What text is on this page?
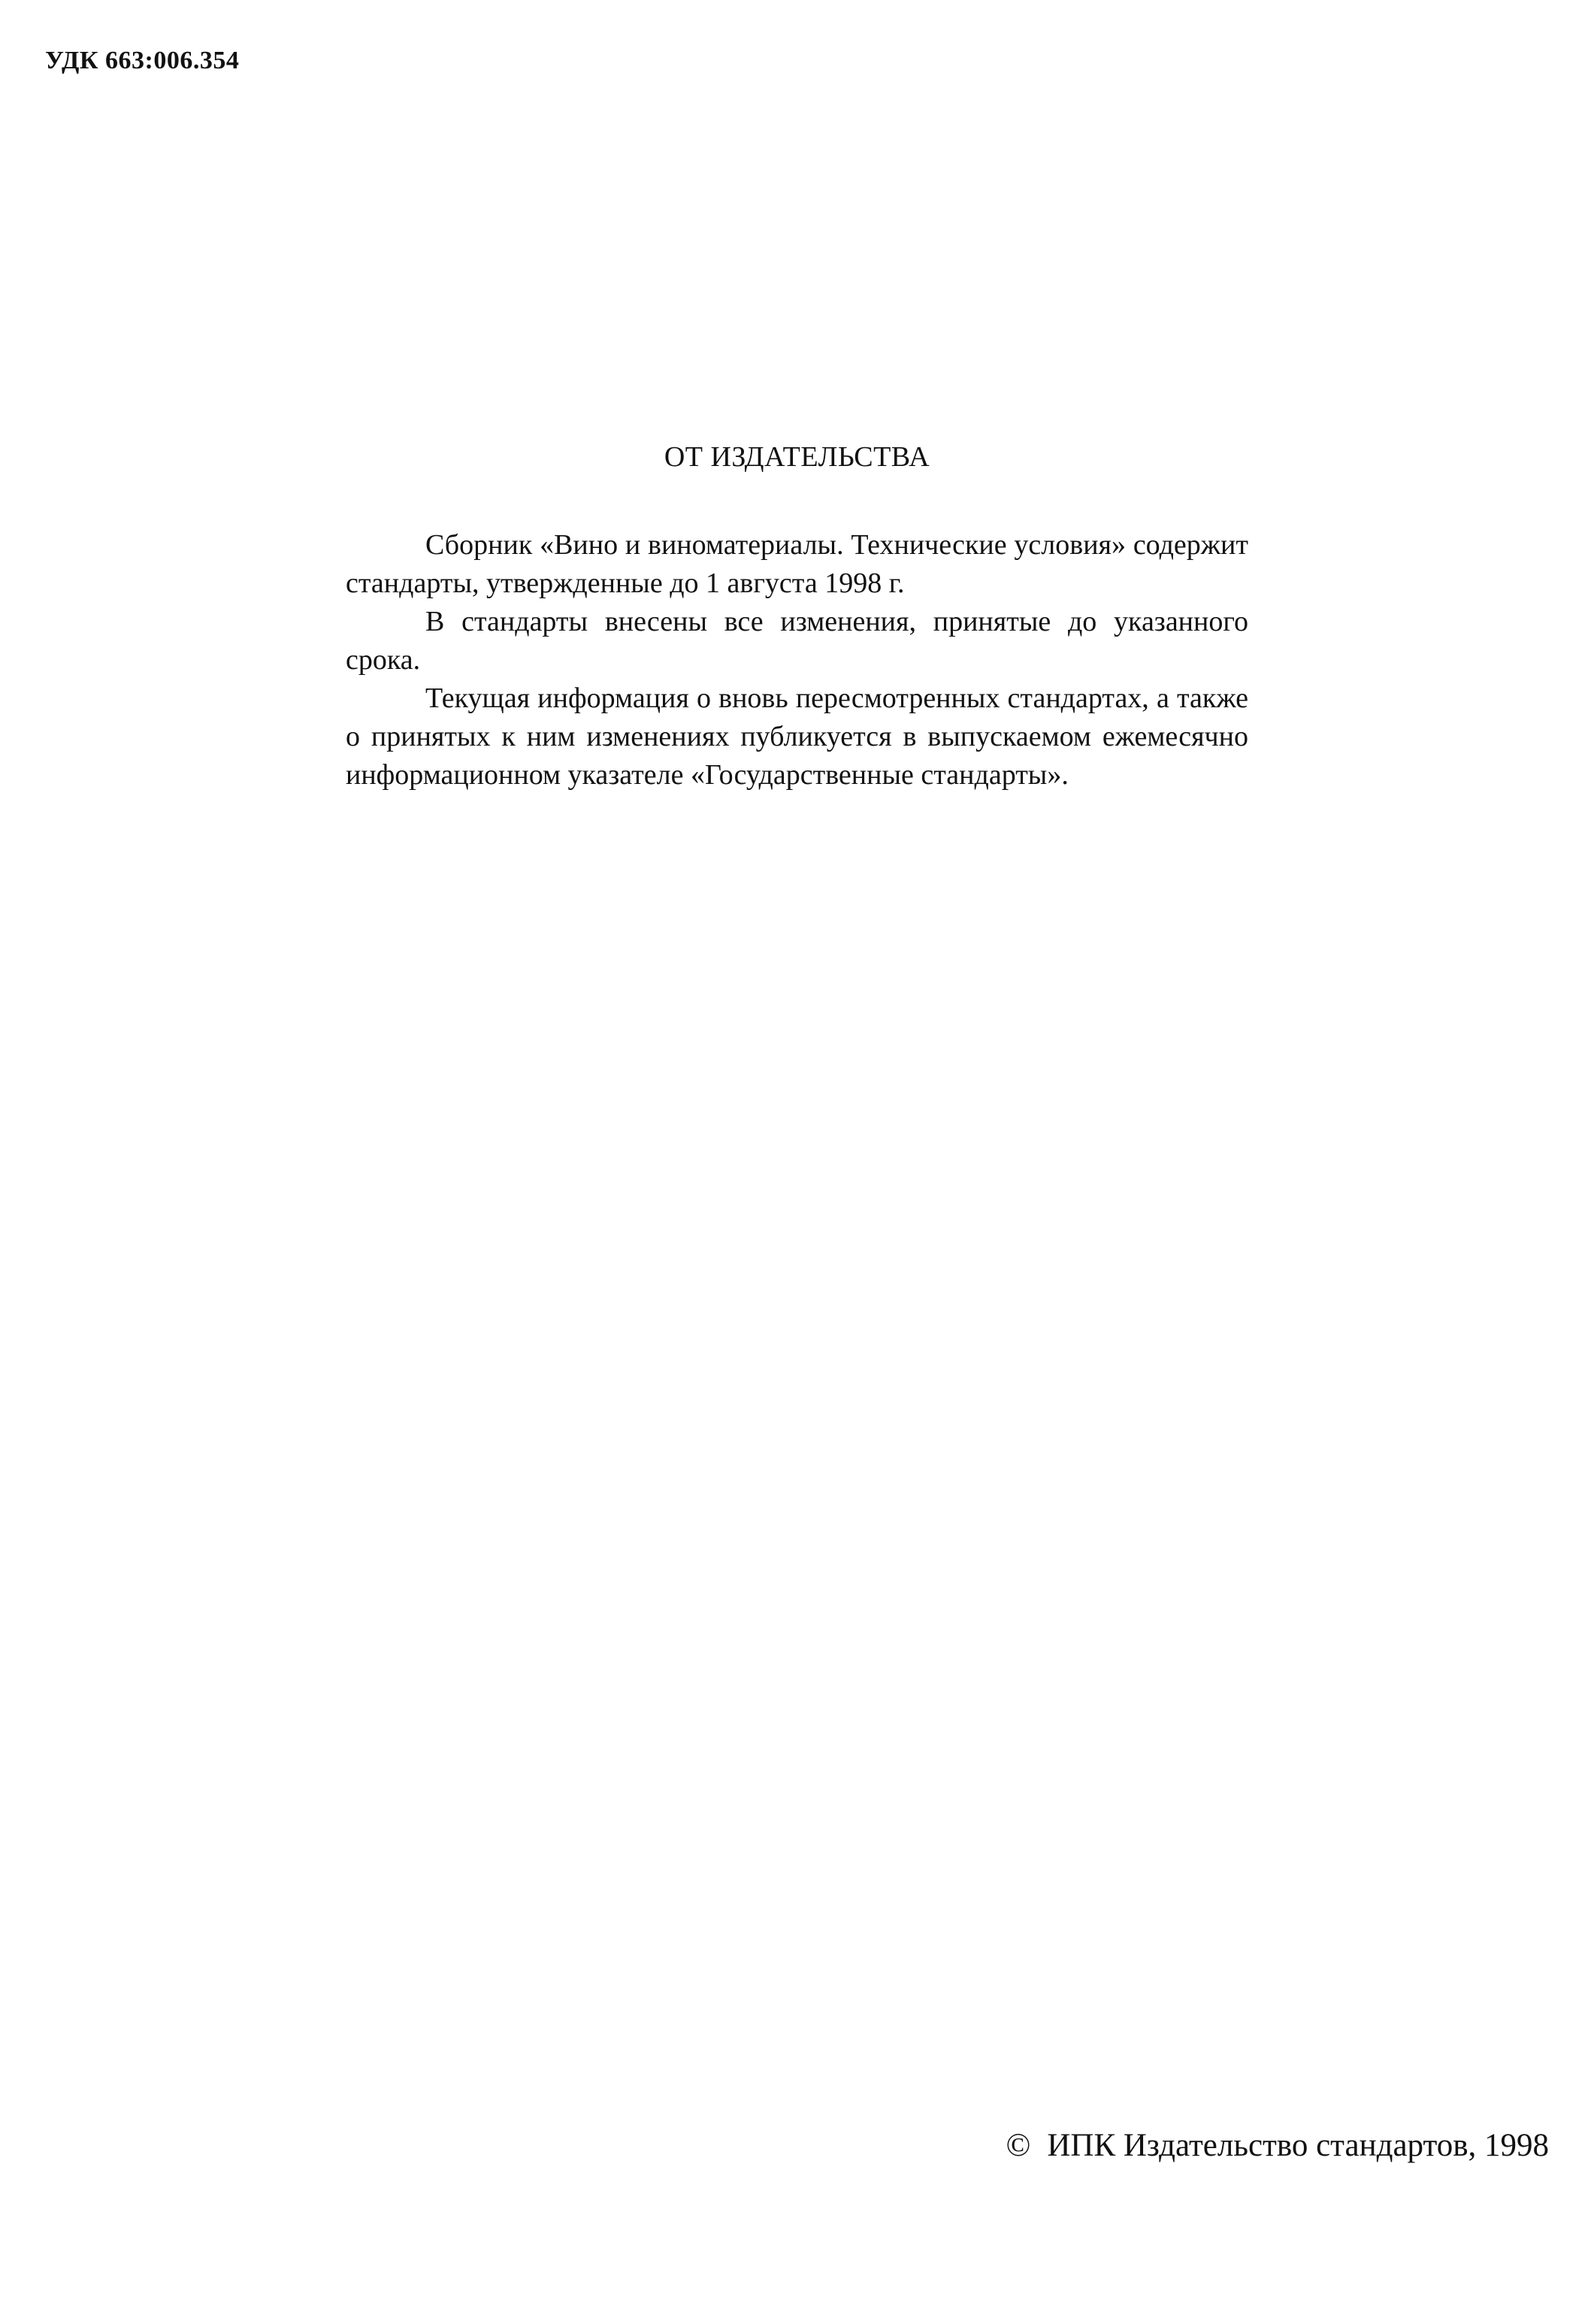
УДК 663:006.354
ОТ ИЗДАТЕЛЬСТВА

Сборник «Вино и виноматериалы. Технические условия» содержит стандарты, утвержденные до 1 августа 1998 г.

В стандарты внесены все изменения, принятые до указанного срока.

Текущая информация о вновь пересмотренных стандартах, а также о принятых к ним изменениях публикуется в выпускаемом ежемесячно информационном указателе «Государственные стандарты».

© ИПК Издательство стандартов, 1998
